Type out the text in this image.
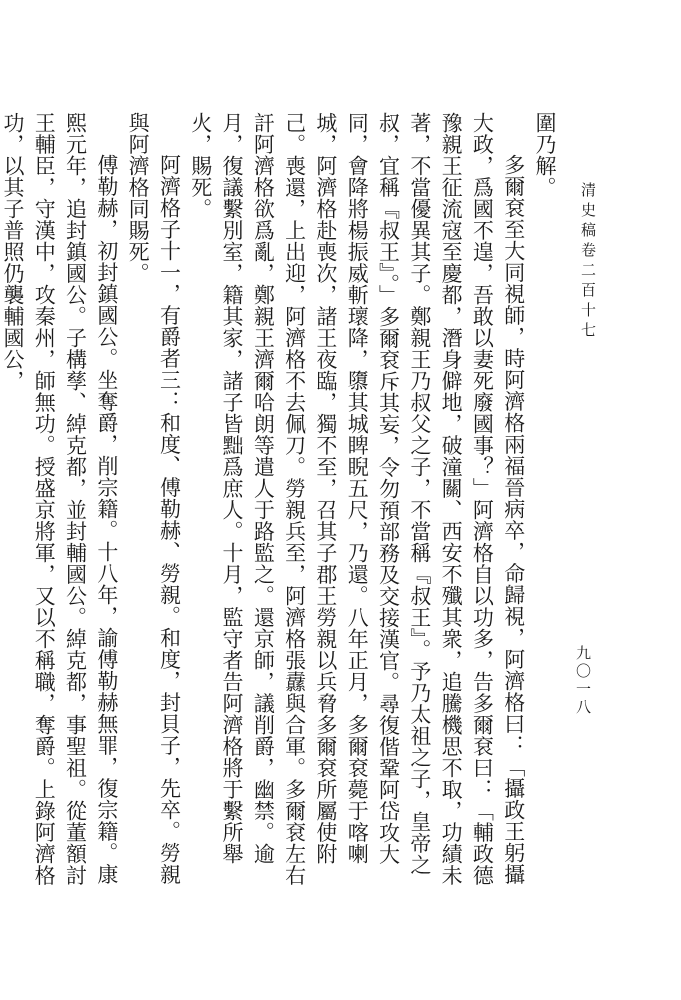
清史稿卷二百十七
九〇一八

圍乃解。

多爾袞至大同視師，時阿濟格兩福晉病卒，命歸視，阿濟格曰：「攝政王躬攝大政，爲國不遑，吾敢以妻死廢國事？」阿濟格自以功多，告多爾袞曰：「輔政德豫親王征流寇至慶都，潛身僻地，破潼關、西安不殲其衆，追騰機思不取，功績未著，不當優異其子。鄭親王乃叔父之子，不當稱『叔王』。予乃太祖之子，皇帝之叔，宜稱『叔王』。」多爾袞斥其妄，令勿預部務及交接漢官。尋復偕鞏阿岱攻大同，會降將楊振威斬瓌降，隳其城睥睨五尺，乃還。八年正月，多爾袞薨于喀喇城，阿濟格赴喪次，諸王夜臨，獨不至，召其子郡王勞親以兵脅多爾袞所屬使附己。喪還，上出迎，阿濟格不去佩刀。勞親兵至，阿濟格張纛與合軍。多爾袞左右訐阿濟格欲爲亂，鄭親王濟爾哈朗等遣人于路監之。還京師，議削爵，幽禁。逾月，復議繫別室，籍其家，諸子皆黜爲庶人。十月，監守者告阿濟格將于繫所舉火，賜死。

阿濟格子十一，有爵者三：和度、傅勒赫、勞親。和度，封貝子，先卒。勞親與阿濟格同賜死。

傅勒赫，初封鎮國公。坐奪爵，削宗籍。十八年，諭傅勒赫無罪，復宗籍。康熙元年，追封鎮國公。子構孳、綽克都，並封輔國公。綽克都，事聖祖。從董額討王輔臣，守漢中，攻秦州，師無功。授盛京將軍，又以不稱職，奪爵。上錄阿濟格功，以其子普照仍襲輔國公，
